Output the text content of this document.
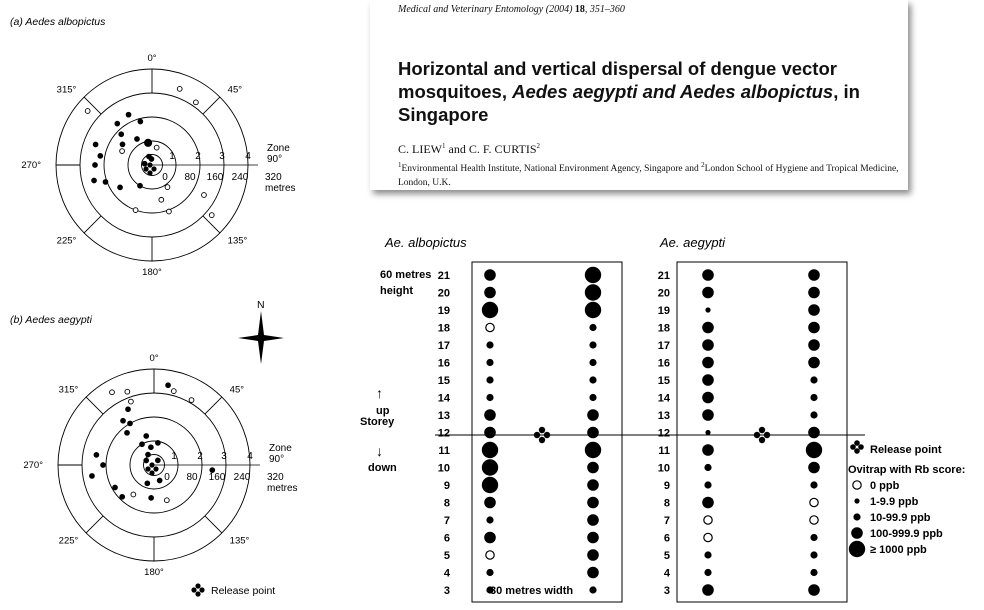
(a) Aedes albopictus
0°
45°
135°
180°
225°
270°
315°
1 2 3 4
Zone
90°
0 80 160 240 320
metres
(b) Aedes aegypti
0°
45°
135°
180°
225°
270°
315°
1 2 3 4
Zone
90°
0 80 160 240 320
metres
Release point
N
Medical and Veterinary Entomology (2004) 18, 351–360
Horizontal and vertical dispersal of dengue vector mosquitoes, Aedes aegypti and Aedes albopictus, in Singapore
C. LIEW$^1$ and C. F. CURTIS$^2$
$^1$Environmental Health Institute, National Environment Agency, Singapore and $^2$London School of Hygiene and Tropical Medicine, London, U.K.
Ae. albopictus	Ae. aegypti
60 metres
height
↑
up
Storey
↓
down
21
20
19
18
17
16
15
14
13
12
11
10
9
8
7
6
5
4
3
21
20
19
18
17
16
15
14
13
12
11
10
9
8
7
6
5
4
3
30 metres width
Release point
Ovitrap with Rb score:
0 ppb
1-9.9 ppb
10-99.9 ppb
100-999.9 ppb
≥ 1000 ppb
